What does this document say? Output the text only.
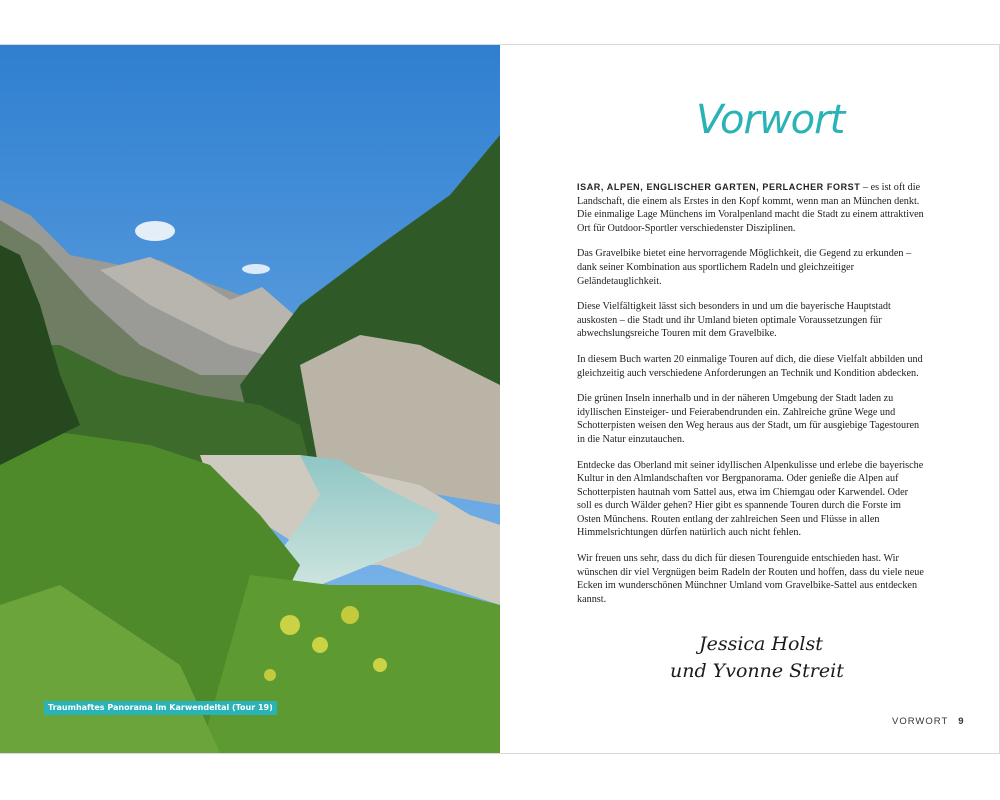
Traumhaftes Panorama im Karwendeltal (Tour 19)
Vorwort

ISAR, ALPEN, ENGLISCHER GARTEN, PERLACHER FORST – es ist oft die Landschaft, die einem als Erstes in den Kopf kommt, wenn man an München denkt. Die einmalige Lage Münchens im Voralpenland macht die Stadt zu einem attraktiven Ort für Outdoor-Sportler verschiedenster Disziplinen.

Das Gravelbike bietet eine hervorragende Möglichkeit, die Gegend zu erkunden – dank seiner Kombination aus sportlichem Radeln und gleichzeitiger Geländetauglichkeit.

Diese Vielfältigkeit lässt sich besonders in und um die bayerische Hauptstadt auskosten – die Stadt und ihr Umland bieten optimale Voraussetzungen für abwechslungsreiche Touren mit dem Gravelbike.

In diesem Buch warten 20 einmalige Touren auf dich, die diese Vielfalt abbilden und gleichzeitig auch verschiedene Anforderungen an Technik und Kondition abdecken.

Die grünen Inseln innerhalb und in der näheren Umgebung der Stadt laden zu idyllischen Einsteiger- und Feierabendrunden ein. Zahlreiche grüne Wege und Schotterpisten weisen den Weg heraus aus der Stadt, um für ausgiebige Tagestouren in die Natur einzutauchen.

Entdecke das Oberland mit seiner idyllischen Alpenkulisse und erlebe die bayerische Kultur in den Almlandschaften vor Bergpanorama. Oder genieße die Alpen auf Schotterpisten hautnah vom Sattel aus, etwa im Chiemgau oder Karwendel. Oder soll es durch Wälder gehen? Hier gibt es spannende Touren durch die Forste im Osten Münchens. Routen entlang der zahlreichen Seen und Flüsse in allen Himmelsrichtungen dürfen natürlich auch nicht fehlen.

Wir freuen uns sehr, dass du dich für diesen Tourenguide entschieden hast. Wir wünschen dir viel Vergnügen beim Radeln der Routen und hoffen, dass du viele neue Ecken im wunderschönen Münchner Umland vom Gravelbike-Sattel aus entdecken kannst.

Jessica Holst
und Yvonne Streit
VORWORT 9
